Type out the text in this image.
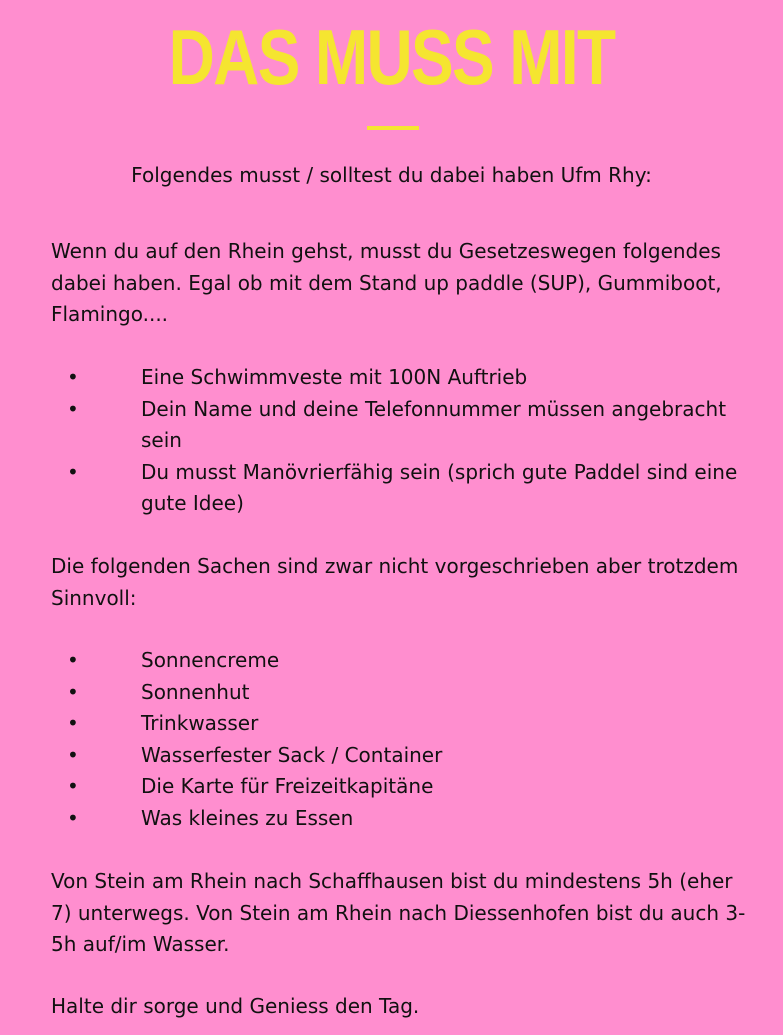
DAS MUSS MIT
Folgendes musst / solltest du dabei haben Ufm Rhy:

Wenn du auf den Rhein gehst, musst du Gesetzeswegen folgendes dabei haben. Egal ob mit dem Stand up paddle (SUP), Gummiboot, Flamingo....

•	Eine Schwimmveste mit 100N Auftrieb
•	Dein Name und deine Telefonnummer müssen angebracht sein
•	Du musst Manövrierfähig sein (sprich gute Paddel sind eine gute Idee)

Die folgenden Sachen sind zwar nicht vorgeschrieben aber trotzdem Sinnvoll:

•	Sonnencreme
•	Sonnenhut
•	Trinkwasser
•	Wasserfester Sack / Container
•	Die Karte für Freizeitkapitäne
•	Was kleines zu Essen

Von Stein am Rhein nach Schaffhausen bist du mindestens 5h (eher 7) unterwegs. Von Stein am Rhein nach Diessenhofen bist du auch 3-5h auf/im Wasser.

Halte dir sorge und Geniess den Tag.
